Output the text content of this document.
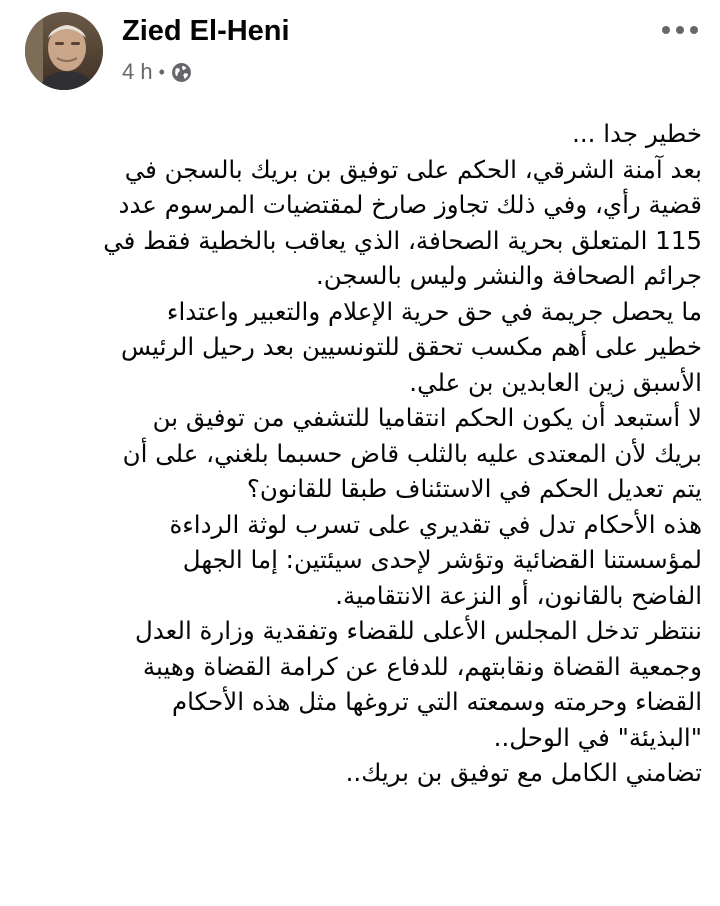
Zied El-Heni
4 h •
خطير جدا ...
بعد آمنة الشرقي، الحكم على توفيق بن بريك بالسجن في
قضية رأي، وفي ذلك تجاوز صارخ لمقتضيات المرسوم عدد
115 المتعلق بحرية الصحافة، الذي يعاقب بالخطية فقط في
جرائم الصحافة والنشر وليس بالسجن.
ما يحصل جريمة في حق حرية الإعلام والتعبير واعتداء
خطير على أهم مكسب تحقق للتونسيين بعد رحيل الرئيس
الأسبق زين العابدين بن علي.
لا أستبعد أن يكون الحكم انتقاميا للتشفي من توفيق بن
بريك لأن المعتدى عليه بالثلب قاض حسبما بلغني، على أن
يتم تعديل الحكم في الاستئناف طبقا للقانون؟
هذه الأحكام تدل في تقديري على تسرب لوثة الرداءة
لمؤسستنا القضائية وتؤشر لإحدى سيئتين: إما الجهل
الفاضح بالقانون، أو النزعة الانتقامية.
ننتظر تدخل المجلس الأعلى للقضاء وتفقدية وزارة العدل
وجمعية القضاة ونقابتهم، للدفاع عن كرامة القضاة وهيبة
القضاء وحرمته وسمعته التي تروغها مثل هذه الأحكام
"البذيئة" في الوحل..
تضامني الكامل مع توفيق بن بريك..
